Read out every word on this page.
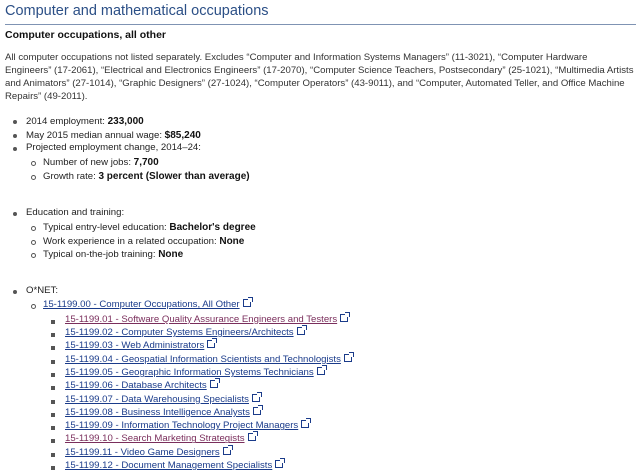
Computer and mathematical occupations
Computer occupations, all other

All computer occupations not listed separately. Excludes “Computer and Information Systems Managers” (11-3021), “Computer Hardware Engineers” (17-2061), “Electrical and Electronics Engineers” (17-2070), “Computer Science Teachers, Postsecondary” (25-1021), “Multimedia Artists and Animators” (27-1014), “Graphic Designers” (27-1024), “Computer Operators” (43-9011), and “Computer, Automated Teller, and Office Machine Repairs” (49-2011).

2014 employment: 233,000
May 2015 median annual wage: $85,240
Projected employment change, 2014–24:
Number of new jobs: 7,700
Growth rate: 3 percent (Slower than average)
Education and training:
Typical entry-level education: Bachelor's degree
Work experience in a related occupation: None
Typical on-the-job training: None
O*NET:
15-1199.00 - Computer Occupations, All Other
15-1199.01 - Software Quality Assurance Engineers and Testers
15-1199.02 - Computer Systems Engineers/Architects
15-1199.03 - Web Administrators
15-1199.04 - Geospatial Information Scientists and Technologists
15-1199.05 - Geographic Information Systems Technicians
15-1199.06 - Database Architects
15-1199.07 - Data Warehousing Specialists
15-1199.08 - Business Intelligence Analysts
15-1199.09 - Information Technology Project Managers
15-1199.10 - Search Marketing Strategists
15-1199.11 - Video Game Designers
15-1199.12 - Document Management Specialists
